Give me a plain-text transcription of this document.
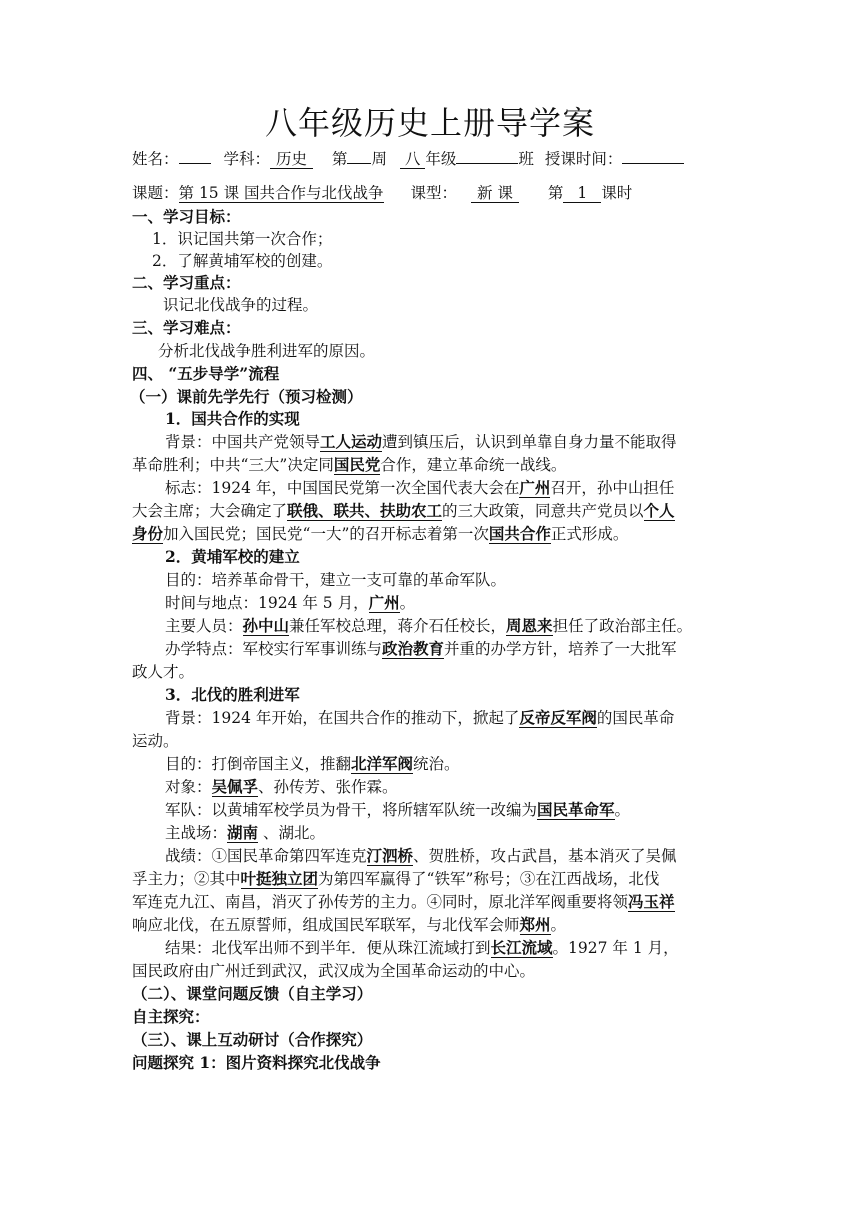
八年级历史上册导学案
姓名：	学科： 历史 第 周 八 年级	班 授课时间：
课题：第 15 课 国共合作与北伐战争 课型： 新 课 第 1 课时
一、学习目标：
1．识记国共第一次合作；
2．了解黄埔军校的创建。
二、学习重点：
识记北伐战争的过程。
三、学习难点：
分析北伐战争胜利进军的原因。
四、 “五步导学”流程
（一）课前先学先行（预习检测）
1．国共合作的实现
背景：中国共产党领导工人运动遭到镇压后，认识到单靠自身力量不能取得
革命胜利；中共“三大”决定同国民党合作，建立革命统一战线。
标志：1924 年，中国国民党第一次全国代表大会在广州召开，孙中山担任
大会主席；大会确定了联俄、联共、扶助农工的三大政策，同意共产党员以个人
身份加入国民党；国民党“一大”的召开标志着第一次国共合作正式形成。
2．黄埔军校的建立
目的：培养革命骨干，建立一支可靠的革命军队。
时间与地点：1924 年 5 月，广州。
主要人员：孙中山兼任军校总理，蒋介石任校长，周恩来担任了政治部主任。
办学特点：军校实行军事训练与政治教育并重的办学方针，培养了一大批军
政人才。
3．北伐的胜利进军
背景：1924 年开始，在国共合作的推动下，掀起了反帝反军阀的国民革命
运动。
目的：打倒帝国主义，推翻北洋军阀统治。
对象：吴佩孚、孙传芳、张作霖。
军队：以黄埔军校学员为骨干，将所辖军队统一改编为国民革命军。
主战场：湖南 、湖北。
战绩：①国民革命第四军连克汀泗桥、贺胜桥，攻占武昌，基本消灭了吴佩
孚主力；②其中叶挺独立团为第四军赢得了“铁军”称号；③在江西战场，北伐
军连克九江、南昌，消灭了孙传芳的主力。④同时，原北洋军阀重要将领冯玉祥
响应北伐，在五原誓师，组成国民军联军，与北伐军会师郑州。
结果：北伐军出师不到半年．便从珠江流域打到长江流域。1927 年 1 月，
国民政府由广州迁到武汉，武汉成为全国革命运动的中心。
（二）、课堂问题反馈（自主学习）
自主探究：
（三）、课上互动研讨（合作探究）
问题探究 1：图片资料探究北伐战争
